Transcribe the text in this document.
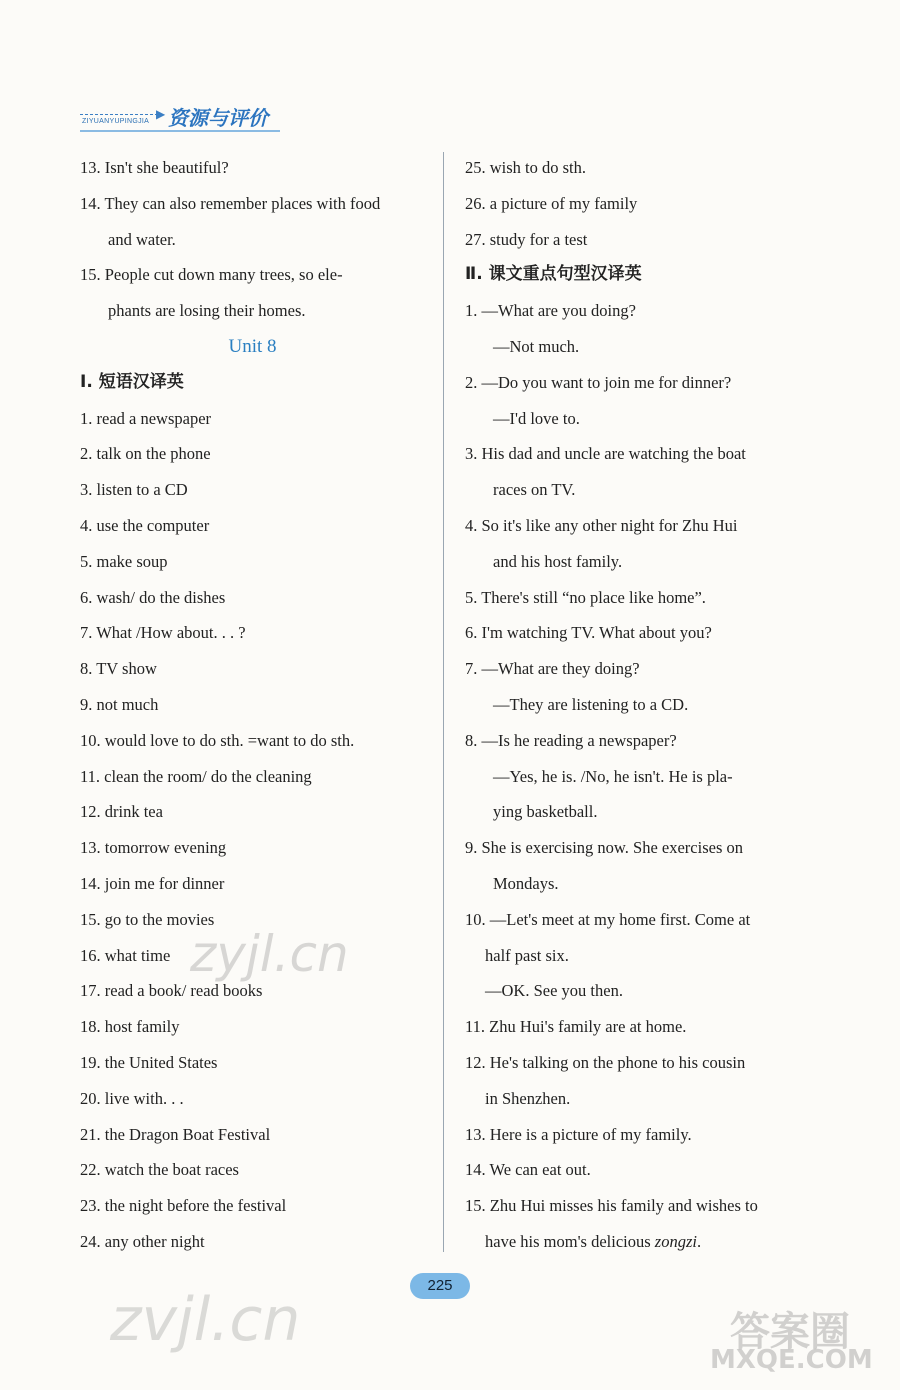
▶
ZIYUANYUPINGJIA 资源与评价
13. Isn't she beautiful?
14. They can also remember places with food
and water.
15. People cut down many trees, so ele-
phants are losing their homes.
Unit 8
Ⅰ. 短语汉译英
1. read a newspaper
2. talk on the phone
3. listen to a CD
4. use the computer
5. make soup
6. wash/ do the dishes
7. What /How about. . . ?
8. TV show
9. not much
10. would love to do sth. =want to do sth.
11. clean the room/ do the cleaning
12. drink tea
13. tomorrow evening
14. join me for dinner
15. go to the movies
16. what time
17. read a book/ read books
18. host family
19. the United States
20. live with. . .
21. the Dragon Boat Festival
22. watch the boat races
23. the night before the festival
24. any other night
25. wish to do sth.
26. a picture of my family
27. study for a test
Ⅱ. 课文重点句型汉译英
1. —What are you doing?
—Not much.
2. —Do you want to join me for dinner?
—I'd love to.
3. His dad and uncle are watching the boat
races on TV.
4. So it's like any other night for Zhu Hui
and his host family.
5. There's still “no place like home”.
6. I'm watching TV. What about you?
7. —What are they doing?
—They are listening to a CD.
8. —Is he reading a newspaper?
—Yes, he is. /No, he isn't. He is pla-
ying basketball.
9. She is exercising now. She exercises on
Mondays.
10. —Let's meet at my home first. Come at
half past six.
—OK. See you then.
11. Zhu Hui's family are at home.
12. He's talking on the phone to his cousin
in Shenzhen.
13. Here is a picture of my family.
14. We can eat out.
15. Zhu Hui misses his family and wishes to
have his mom's delicious zongzi.
225
zyjl.cn
zvjl.cn	答案圈
MXQE.COM
